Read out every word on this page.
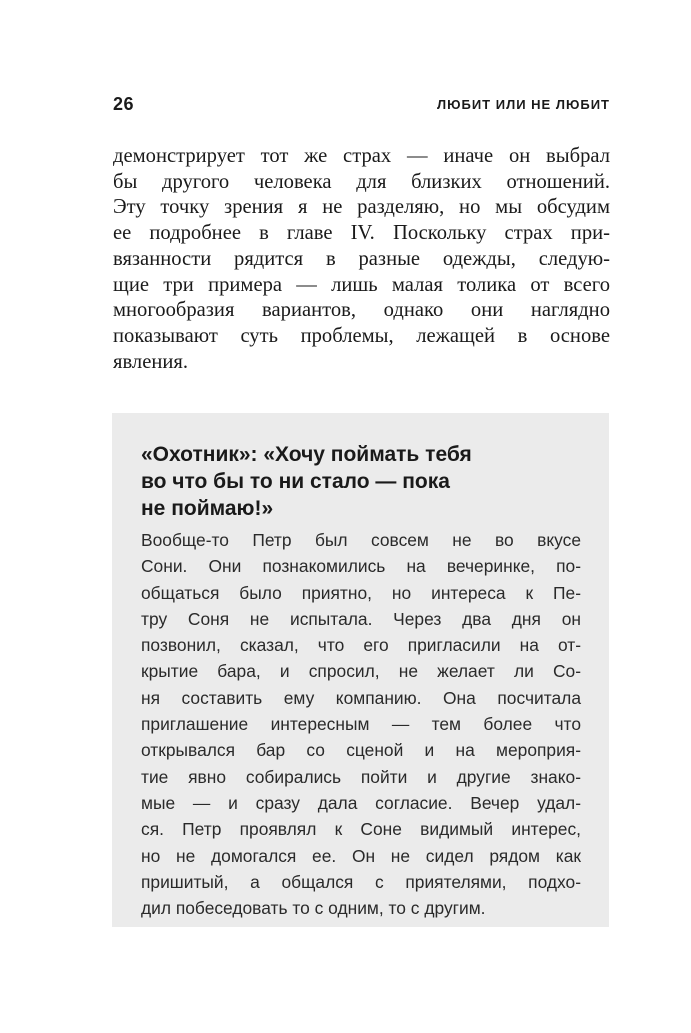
26	ЛЮБИТ ИЛИ НЕ ЛЮБИТ
демонстрирует тот же страх — иначе он выбрал
бы другого человека для близких отношений.
Эту точку зрения я не разделяю, но мы обсудим
ее подробнее в главе IV. Поскольку страх при-
вязанности рядится в разные одежды, следую-
щие три примера — лишь малая толика от всего
многообразия вариантов, однако они наглядно
показывают суть проблемы, лежащей в основе
явления.
«Охотник»: «Хочу поймать тебя
во что бы то ни стало — пока
не поймаю!»
Вообще-то Петр был совсем не во вкусе
Сони. Они познакомились на вечеринке, по-
общаться было приятно, но интереса к Пе-
тру Соня не испытала. Через два дня он
позвонил, сказал, что его пригласили на от-
крытие бара, и спросил, не желает ли Со-
ня составить ему компанию. Она посчитала
приглашение интересным — тем более что
открывался бар со сценой и на мероприя-
тие явно собирались пойти и другие знако-
мые — и сразу дала согласие. Вечер удал-
ся. Петр проявлял к Соне видимый интерес,
но не домогался ее. Он не сидел рядом как
пришитый, а общался с приятелями, подхо-
дил побеседовать то с одним, то с другим.
